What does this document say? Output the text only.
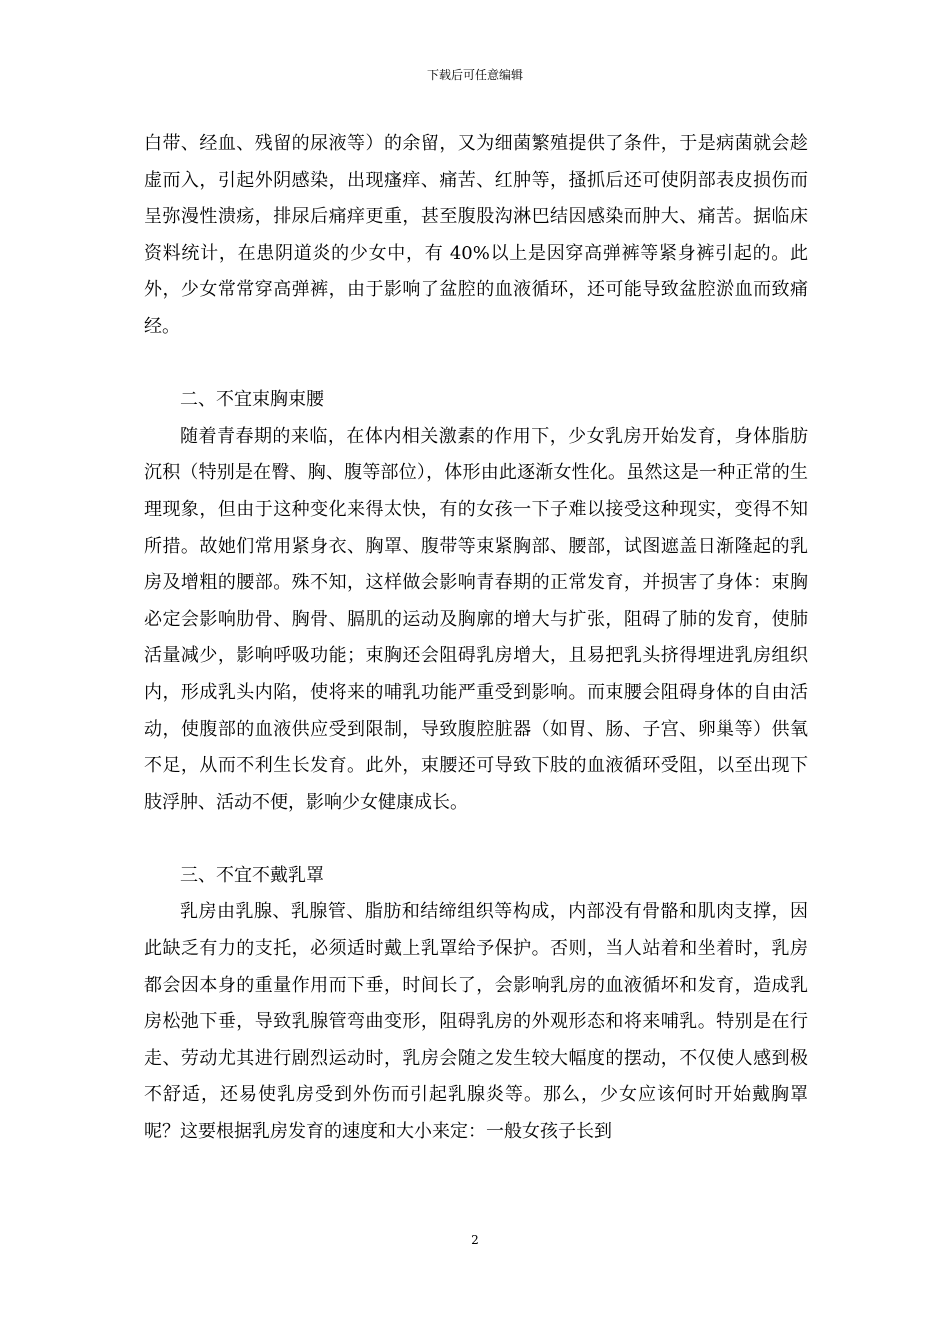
下载后可任意编辑

白带、经血、残留的尿液等）的余留，又为细菌繁殖提供了条件，于是病菌就会趁虚而入，引起外阴感染，出现瘙痒、痛苦、红肿等，搔抓后还可使阴部表皮损伤而呈弥漫性溃疡，排尿后痛痒更重，甚至腹股沟淋巴结因感染而肿大、痛苦。据临床资料统计，在患阴道炎的少女中，有 40%以上是因穿高弹裤等紧身裤引起的。此外，少女常常穿高弹裤，由于影响了盆腔的血液循环，还可能导致盆腔淤血而致痛经。

二、不宜束胸束腰

随着青春期的来临，在体内相关激素的作用下，少女乳房开始发育，身体脂肪沉积（特别是在臀、胸、腹等部位），体形由此逐渐女性化。虽然这是一种正常的生理现象，但由于这种变化来得太快，有的女孩一下子难以接受这种现实，变得不知所措。故她们常用紧身衣、胸罩、腹带等束紧胸部、腰部，试图遮盖日渐隆起的乳房及增粗的腰部。殊不知，这样做会影响青春期的正常发育，并损害了身体：束胸必定会影响肋骨、胸骨、膈肌的运动及胸廓的增大与扩张，阻碍了肺的发育，使肺活量减少，影响呼吸功能；束胸还会阻碍乳房增大，且易把乳头挤得埋进乳房组织内，形成乳头内陷，使将来的哺乳功能严重受到影响。而束腰会阻碍身体的自由活动，使腹部的血液供应受到限制，导致腹腔脏器（如胃、肠、子宫、卵巢等）供氧不足，从而不利生长发育。此外，束腰还可导致下肢的血液循环受阻，以至出现下肢浮肿、活动不便，影响少女健康成长。

三、不宜不戴乳罩

乳房由乳腺、乳腺管、脂肪和结缔组织等构成，内部没有骨骼和肌肉支撑，因此缺乏有力的支托，必须适时戴上乳罩给予保护。否则，当人站着和坐着时，乳房都会因本身的重量作用而下垂，时间长了，会影响乳房的血液循坏和发育，造成乳房松弛下垂，导致乳腺管弯曲变形，阻碍乳房的外观形态和将来哺乳。特别是在行走、劳动尤其进行剧烈运动时，乳房会随之发生较大幅度的摆动，不仅使人感到极不舒适，还易使乳房受到外伤而引起乳腺炎等。那么，少女应该何时开始戴胸罩呢？这要根据乳房发育的速度和大小来定：一般女孩子长到

2
